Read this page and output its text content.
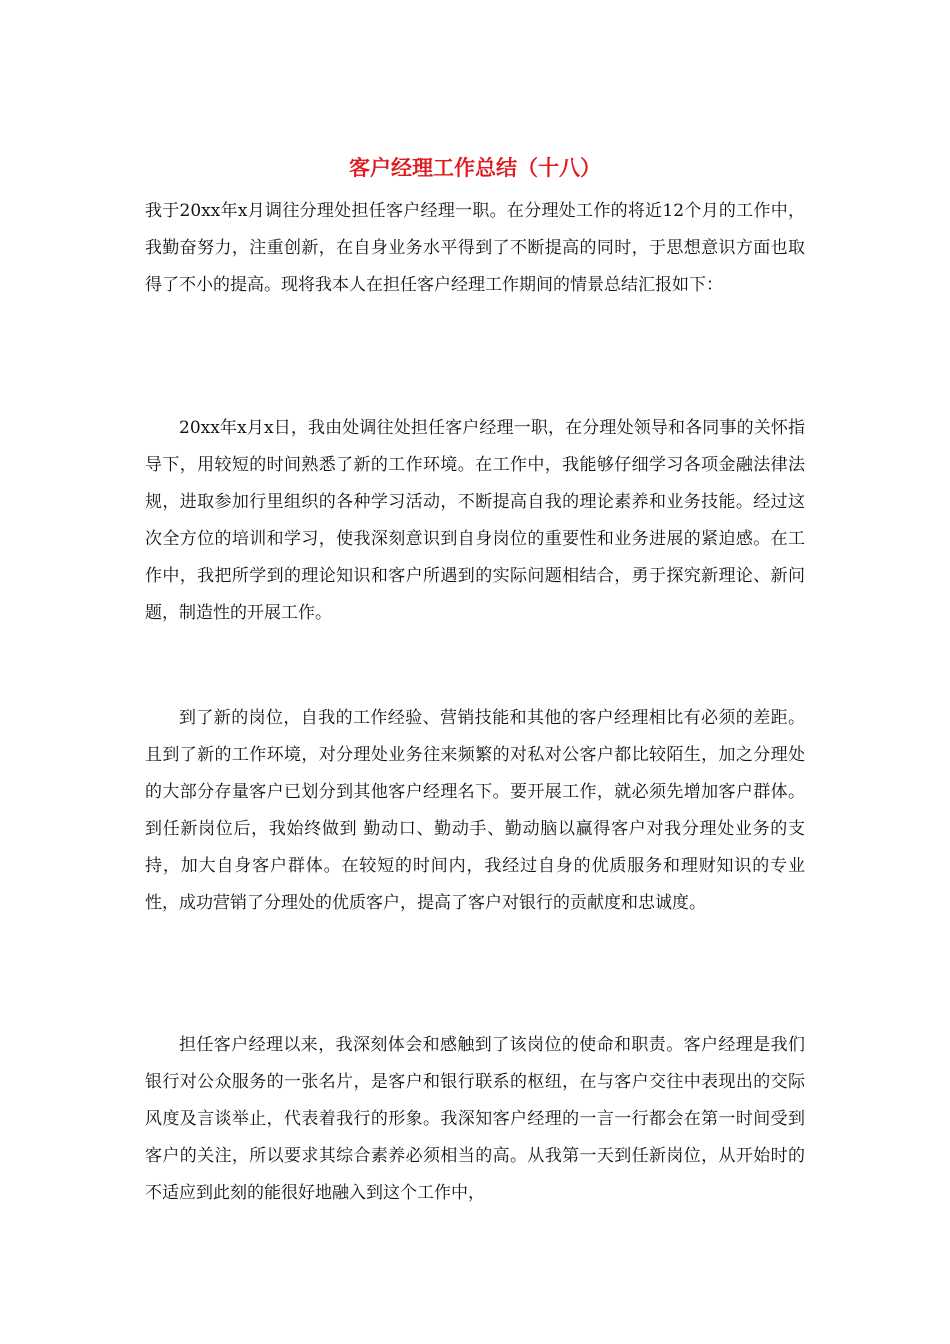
客户经理工作总结（十八）

我于20xx年x月调往分理处担任客户经理一职。在分理处工作的将近12个月的工作中，我勤奋努力，注重创新，在自身业务水平得到了不断提高的同时，于思想意识方面也取得了不小的提高。现将我本人在担任客户经理工作期间的情景总结汇报如下：

20xx年x月x日，我由处调往处担任客户经理一职，在分理处领导和各同事的关怀指导下，用较短的时间熟悉了新的工作环境。在工作中，我能够仔细学习各项金融法律法规，进取参加行里组织的各种学习活动，不断提高自我的理论素养和业务技能。经过这次全方位的培训和学习，使我深刻意识到自身岗位的重要性和业务进展的紧迫感。在工作中，我把所学到的理论知识和客户所遇到的实际问题相结合，勇于探究新理论、新问题，制造性的开展工作。

到了新的岗位，自我的工作经验、营销技能和其他的客户经理相比有必须的差距。且到了新的工作环境，对分理处业务往来频繁的对私对公客户都比较陌生，加之分理处的大部分存量客户已划分到其他客户经理名下。要开展工作，就必须先增加客户群体。到任新岗位后，我始终做到 勤动口、勤动手、勤动脑以赢得客户对我分理处业务的支持，加大自身客户群体。在较短的时间内，我经过自身的优质服务和理财知识的专业性，成功营销了分理处的优质客户，提高了客户对银行的贡献度和忠诚度。

担任客户经理以来，我深刻体会和感触到了该岗位的使命和职责。客户经理是我们银行对公众服务的一张名片，是客户和银行联系的枢纽，在与客户交往中表现出的交际风度及言谈举止，代表着我行的形象。我深知客户经理的一言一行都会在第一时间受到客户的关注，所以要求其综合素养必须相当的高。从我第一天到任新岗位，从开始时的不适应到此刻的能很好地融入到这个工作中，
